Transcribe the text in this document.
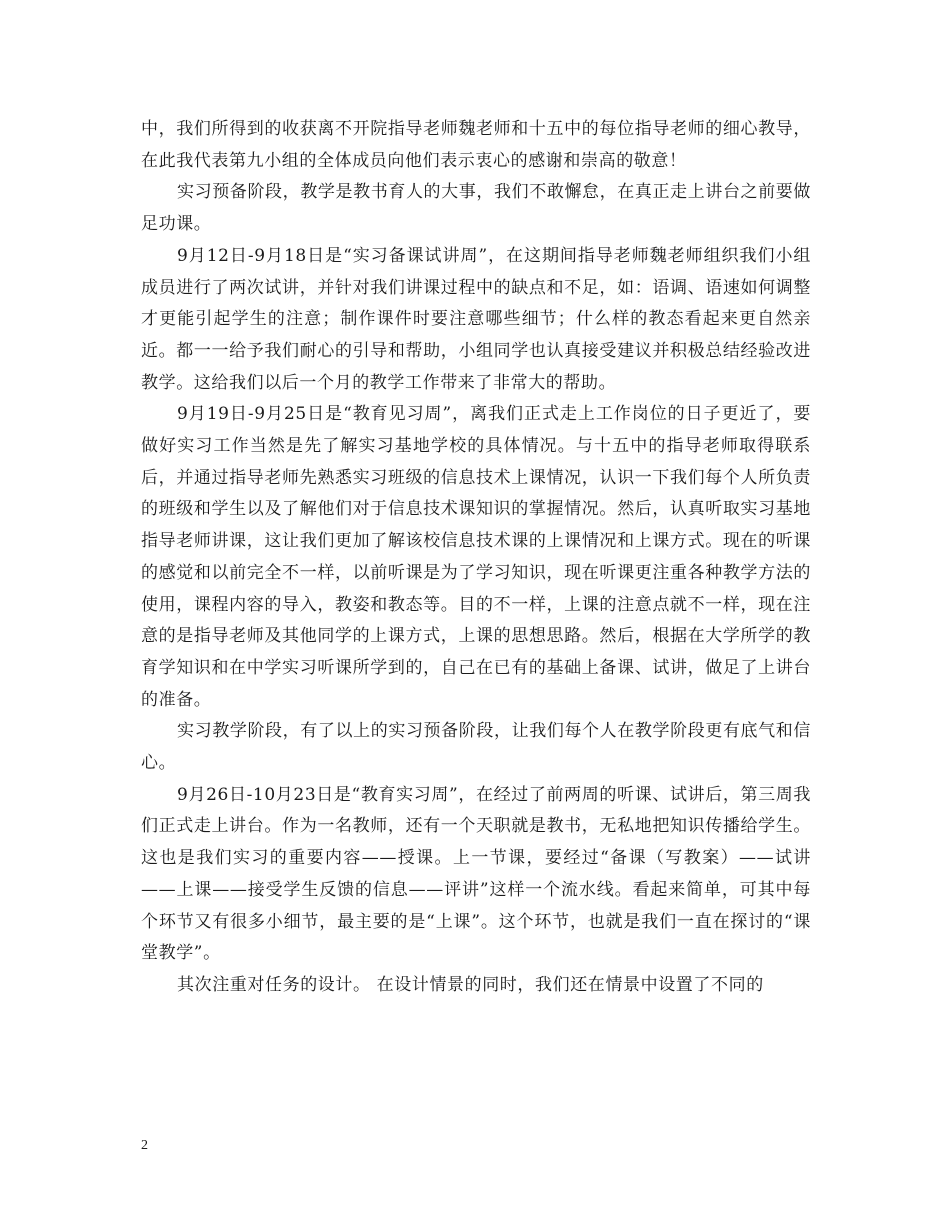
中，我们所得到的收获离不开院指导老师魏老师和十五中的每位指导老师的细心教导，在此我代表第九小组的全体成员向他们表示衷心的感谢和崇高的敬意！

实习预备阶段，教学是教书育人的大事，我们不敢懈怠，在真正走上讲台之前要做足功课。

9月12日-9月18日是“实习备课试讲周”，在这期间指导老师魏老师组织我们小组成员进行了两次试讲，并针对我们讲课过程中的缺点和不足，如：语调、语速如何调整才更能引起学生的注意；制作课件时要注意哪些细节；什么样的教态看起来更自然亲近。都一一给予我们耐心的引导和帮助，小组同学也认真接受建议并积极总结经验改进教学。这给我们以后一个月的教学工作带来了非常大的帮助。

9月19日-9月25日是“教育见习周”，离我们正式走上工作岗位的日子更近了，要做好实习工作当然是先了解实习基地学校的具体情况。与十五中的指导老师取得联系后，并通过指导老师先熟悉实习班级的信息技术上课情况，认识一下我们每个人所负责的班级和学生以及了解他们对于信息技术课知识的掌握情况。然后，认真听取实习基地指导老师讲课，这让我们更加了解该校信息技术课的上课情况和上课方式。现在的听课的感觉和以前完全不一样，以前听课是为了学习知识，现在听课更注重各种教学方法的使用，课程内容的导入，教姿和教态等。目的不一样，上课的注意点就不一样，现在注意的是指导老师及其他同学的上课方式，上课的思想思路。然后，根据在大学所学的教育学知识和在中学实习听课所学到的，自己在已有的基础上备课、试讲，做足了上讲台的准备。

实习教学阶段，有了以上的实习预备阶段，让我们每个人在教学阶段更有底气和信心。

9月26日-10月23日是“教育实习周”，在经过了前两周的听课、试讲后，第三周我们正式走上讲台。作为一名教师，还有一个天职就是教书，无私地把知识传播给学生。这也是我们实习的重要内容——授课。上一节课，要经过“备课（写教案）——试讲——上课——接受学生反馈的信息——评讲”这样一个流水线。看起来简单，可其中每个环节又有很多小细节，最主要的是“上课”。这个环节，也就是我们一直在探讨的“课堂教学”。

其次注重对任务的设计。 在设计情景的同时，我们还在情景中设置了不同的

2
